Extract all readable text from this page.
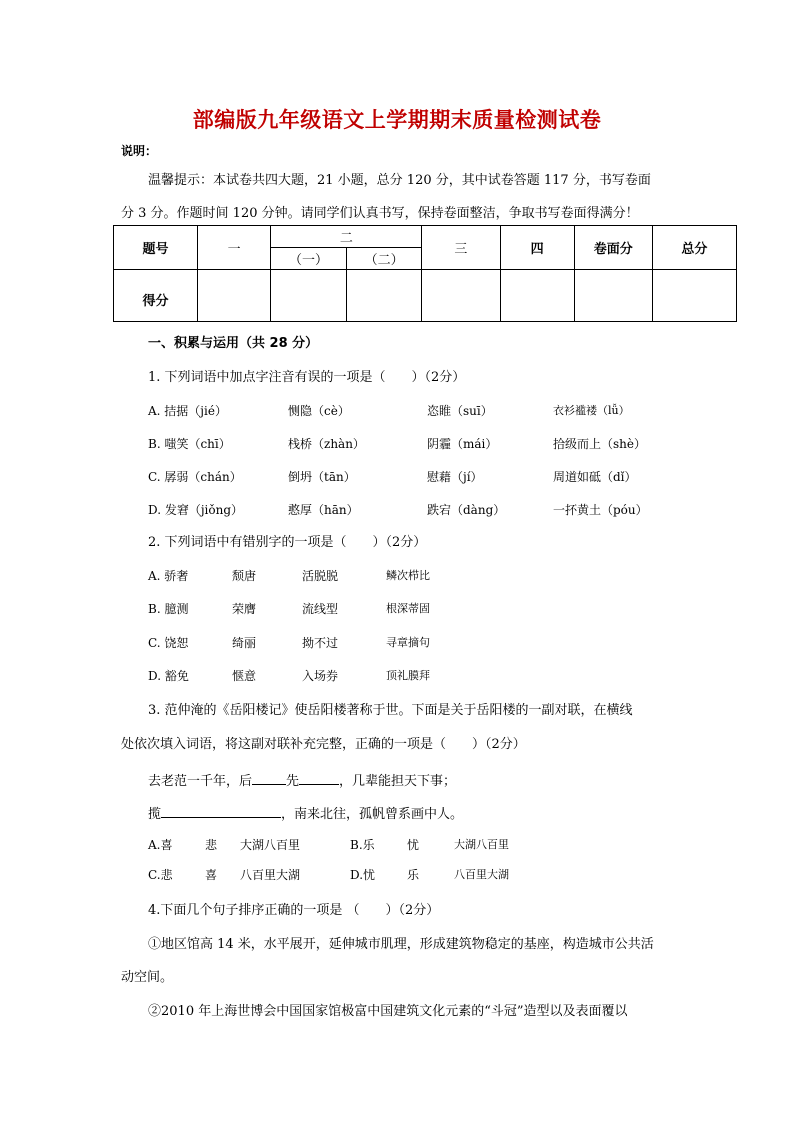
部编版九年级语文上学期期末质量检测试卷
说明：
温馨提示：本试卷共四大题，21 小题，总分 120 分，其中试卷答题 117 分，书写卷面
分 3 分。作题时间 120 分钟。请同学们认真书写，保持卷面整洁，争取书写卷面得满分！
题号	一	二		三	四	卷面分	总分
		（一）	（二）				
得分							
一、积累与运用（共 28 分）
1. 下列词语中加点字注音有误的一项是（　　）（2分）
A. 拮据（jié）	恻隐（cè）	恣睢（suī）	衣衫褴褛（lǚ）
B. 嗤笑（chī）	栈桥（zhàn）	阴霾（mái）	拾级而上（shè）
C. 孱弱（chán）	倒坍（tān）	慰藉（jí）	周道如砥（dǐ）
D. 发窘（jiǒng）	憨厚（hān）	跌宕（dàng）	一抔黄土（póu）
2. 下列词语中有错别字的一项是（　　）（2分）
A. 骄奢	颓唐	活脱脱	鳞次栉比
B. 臆测	荣膺	流线型	根深蒂固
C. 饶恕	绮丽	拗不过	寻章摘句
D. 豁免	惬意	入场券	顶礼膜拜
3. 范仲淹的《岳阳楼记》使岳阳楼著称于世。下面是关于岳阳楼的一副对联，在横线
处依次填入词语，将这副对联补充完整，正确的一项是（　　）（2分）
去老范一千年，后	先	，几辈能担天下事；
揽	，南来北往，孤帆曾系画中人。
A.喜	悲 大湖八百里	B.乐	忧	大湖八百里
C.悲	喜 八百里大湖	D.忧	乐	八百里大湖
4.下面几个句子排序正确的一项是 （　　）（2分）
①地区馆高 14 米，水平展开，延伸城市肌理，形成建筑物稳定的基座，构造城市公共活
动空间。
②2010 年上海世博会中国国家馆极富中国建筑文化元素的“斗冠”造型以及表面覆以
